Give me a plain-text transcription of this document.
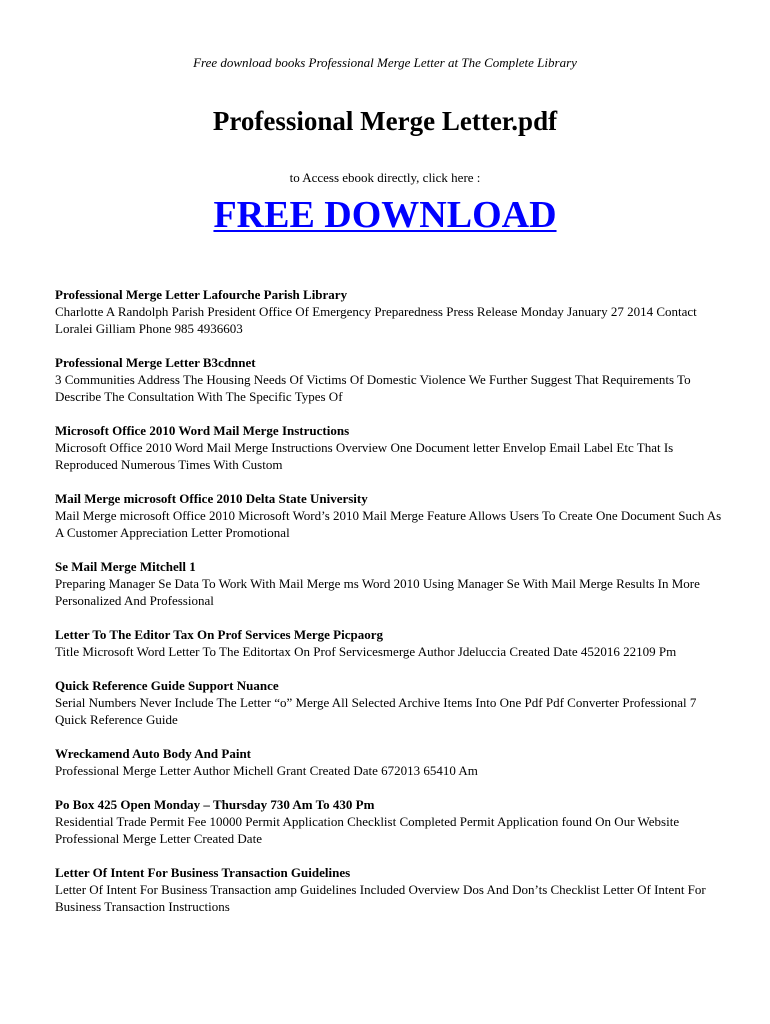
Free download books Professional Merge Letter at The Complete Library
Professional Merge Letter.pdf
to Access ebook directly, click here :
FREE DOWNLOAD
Professional Merge Letter Lafourche Parish Library
Charlotte A Randolph Parish President Office Of Emergency Preparedness Press Release Monday January 27 2014 Contact Loralei Gilliam Phone 985 4936603
Professional Merge Letter B3cdnnet
3 Communities Address The Housing Needs Of Victims Of Domestic Violence We Further Suggest That Requirements To Describe The Consultation With The Specific Types Of
Microsoft Office 2010 Word Mail Merge Instructions
Microsoft Office 2010 Word Mail Merge Instructions Overview One Document letter Envelop Email Label Etc That Is Reproduced Numerous Times With Custom
Mail Merge microsoft Office 2010 Delta State University
Mail Merge microsoft Office 2010 Microsoft Word’s 2010 Mail Merge Feature Allows Users To Create One Document Such As A Customer Appreciation Letter Promotional
Se Mail Merge Mitchell 1
Preparing Manager Se Data To Work With Mail Merge ms Word 2010 Using Manager Se With Mail Merge Results In More Personalized And Professional
Letter To The Editor Tax On Prof Services Merge Picpaorg
Title Microsoft Word Letter To The Editortax On Prof Servicesmerge Author Jdeluccia Created Date 452016 22109 Pm
Quick Reference Guide Support Nuance
Serial Numbers Never Include The Letter “o” Merge All Selected Archive Items Into One Pdf Pdf Converter Professional 7 Quick Reference Guide
Wreckamend Auto Body And Paint
Professional Merge Letter Author Michell Grant Created Date 672013 65410 Am
Po Box 425 Open Monday – Thursday 730 Am To 430 Pm
Residential Trade Permit Fee 10000 Permit Application Checklist Completed Permit Application found On Our Website Professional Merge Letter Created Date
Letter Of Intent For Business Transaction Guidelines
Letter Of Intent For Business Transaction amp Guidelines Included Overview Dos And Don’ts Checklist Letter Of Intent For Business Transaction Instructions
